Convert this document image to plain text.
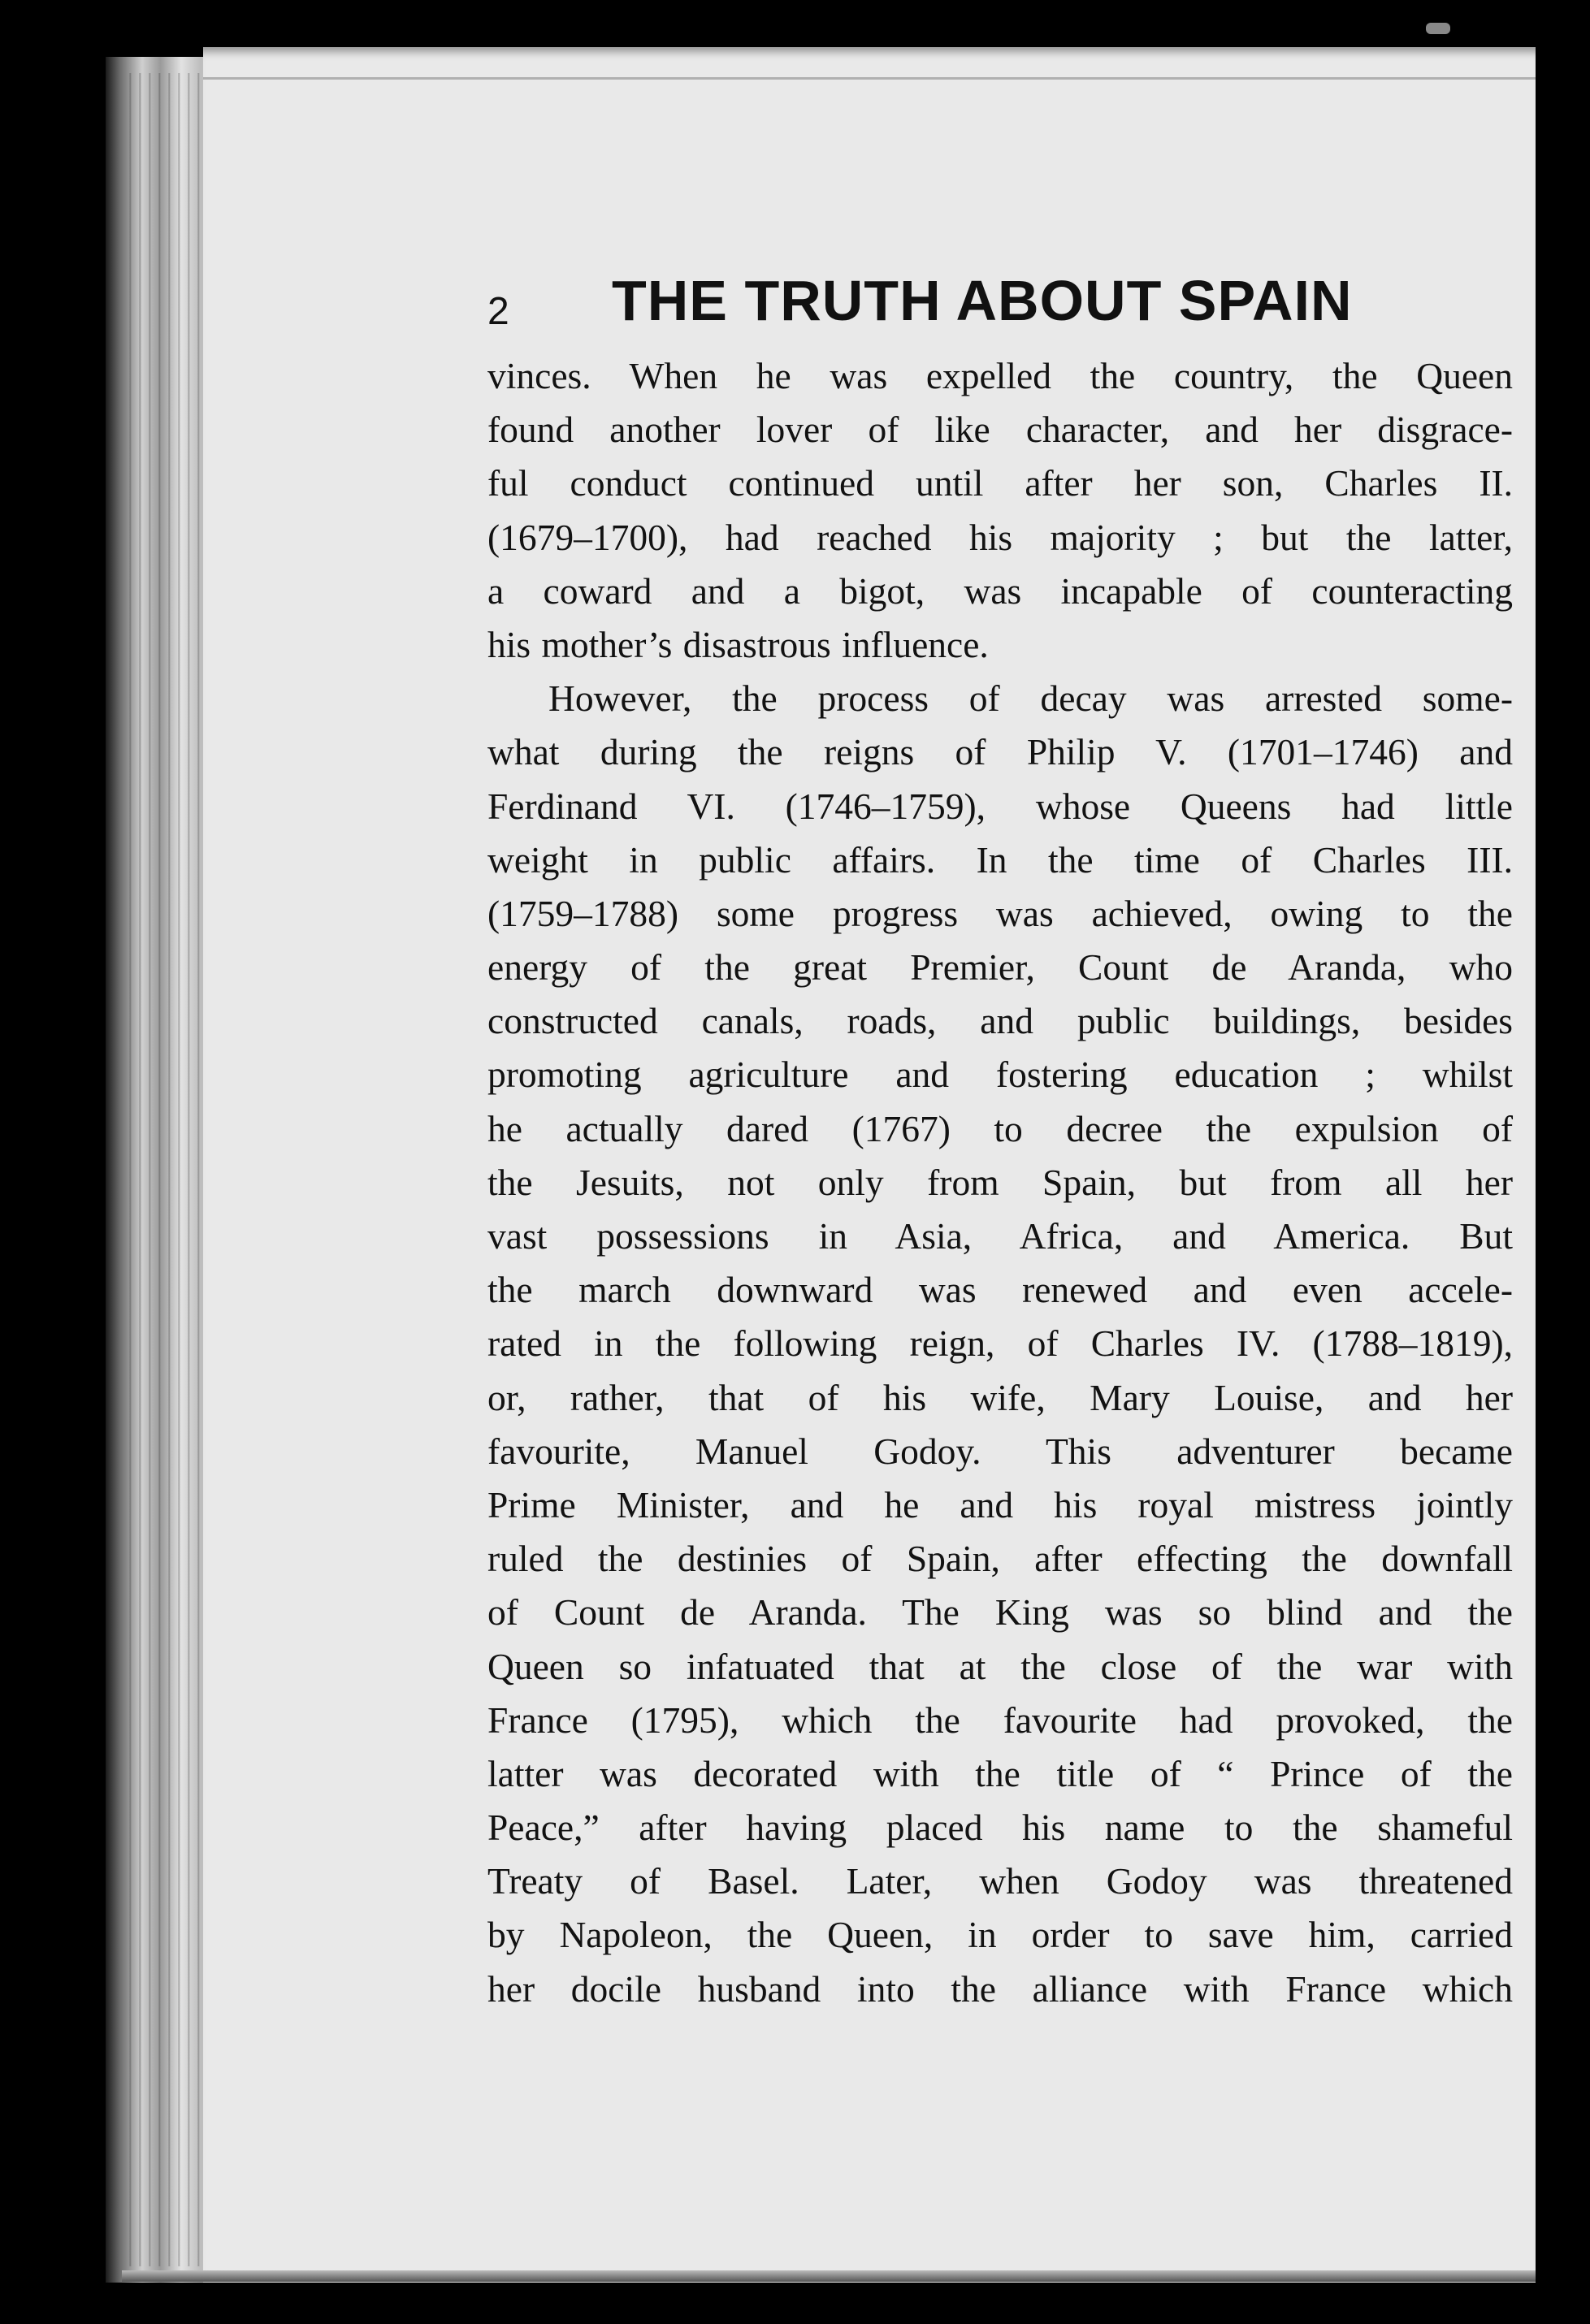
2 THE TRUTH ABOUT SPAIN
vinces. When he was expelled the country, the Queen
found another lover of like character, and her disgrace-
ful conduct continued until after her son, Charles II.
(1679–1700), had reached his majority ; but the latter,
a coward and a bigot, was incapable of counteracting
his mother’s disastrous influence.
However, the process of decay was arrested some-
what during the reigns of Philip V. (1701–1746) and
Ferdinand VI. (1746–1759), whose Queens had little
weight in public affairs. In the time of Charles III.
(1759–1788) some progress was achieved, owing to the
energy of the great Premier, Count de Aranda, who
constructed canals, roads, and public buildings, besides
promoting agriculture and fostering education ; whilst
he actually dared (1767) to decree the expulsion of
the Jesuits, not only from Spain, but from all her
vast possessions in Asia, Africa, and America. But
the march downward was renewed and even accele-
rated in the following reign, of Charles IV. (1788–1819),
or, rather, that of his wife, Mary Louise, and her
favourite, Manuel Godoy. This adventurer became
Prime Minister, and he and his royal mistress jointly
ruled the destinies of Spain, after effecting the downfall
of Count de Aranda. The King was so blind and the
Queen so infatuated that at the close of the war with
France (1795), which the favourite had provoked, the
latter was decorated with the title of “ Prince of the
Peace,” after having placed his name to the shameful
Treaty of Basel. Later, when Godoy was threatened
by Napoleon, the Queen, in order to save him, carried
her docile husband into the alliance with France which
